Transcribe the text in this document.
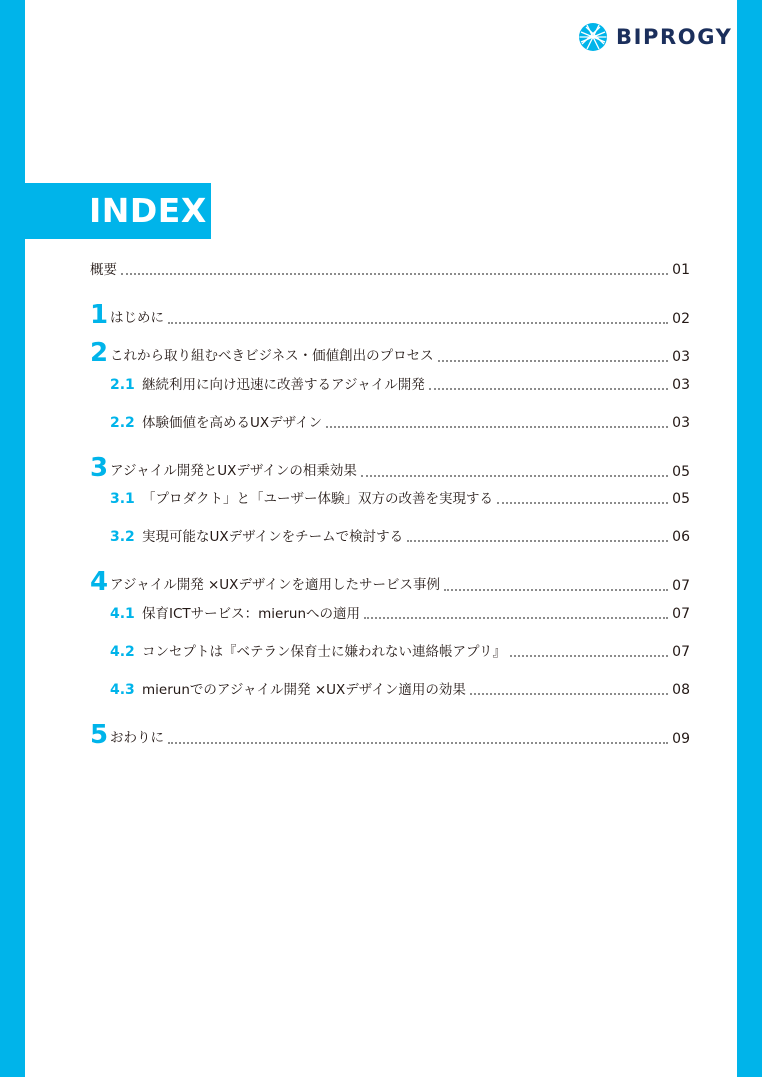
BIPROGY
INDEX
概要	01
1 はじめに	02
2 これから取り組むべきビジネス・価値創出のプロセス	03
2.1 継続利用に向け迅速に改善するアジャイル開発	03
2.2 体験価値を高めるUXデザイン	03
3 アジャイル開発とUXデザインの相乗効果	05
3.1 「プロダクト」と「ユーザー体験」双方の改善を実現する	05
3.2 実現可能なUXデザインをチームで検討する	06
4 アジャイル開発 ×UXデザインを適用したサービス事例	07
4.1 保育ICTサービス：mierunへの適用	07
4.2 コンセプトは『ベテラン保育士に嫌われない連絡帳アプリ』	07
4.3 mierunでのアジャイル開発 ×UXデザイン適用の効果	08
5 おわりに	09
